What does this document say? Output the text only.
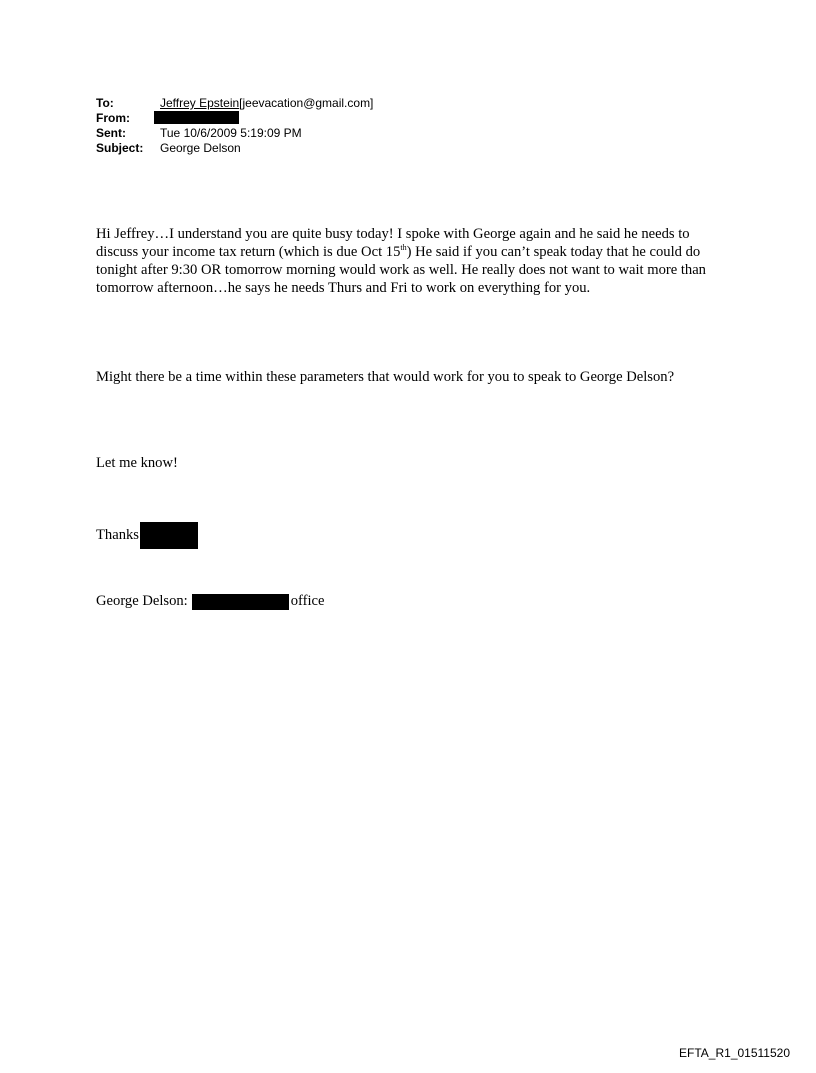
To:	Jeffrey Epstein[jeevacation@gmail.com]
From:
Sent:	Tue 10/6/2009 5:19:09 PM
Subject:	George Delson

Hi Jeffrey…I understand you are quite busy today! I spoke with George again and he said he needs to discuss your income tax return (which is due Oct 15th) He said if you can’t speak today that he could do tonight after 9:30 OR tomorrow morning would work as well. He really does not want to wait more than tomorrow afternoon…he says he needs Thurs and Fri to work on everything for you.

Might there be a time within these parameters that would work for you to speak to George Delson?

Let me know!

Thanks

George Delson:	office

EFTA_R1_01511520
